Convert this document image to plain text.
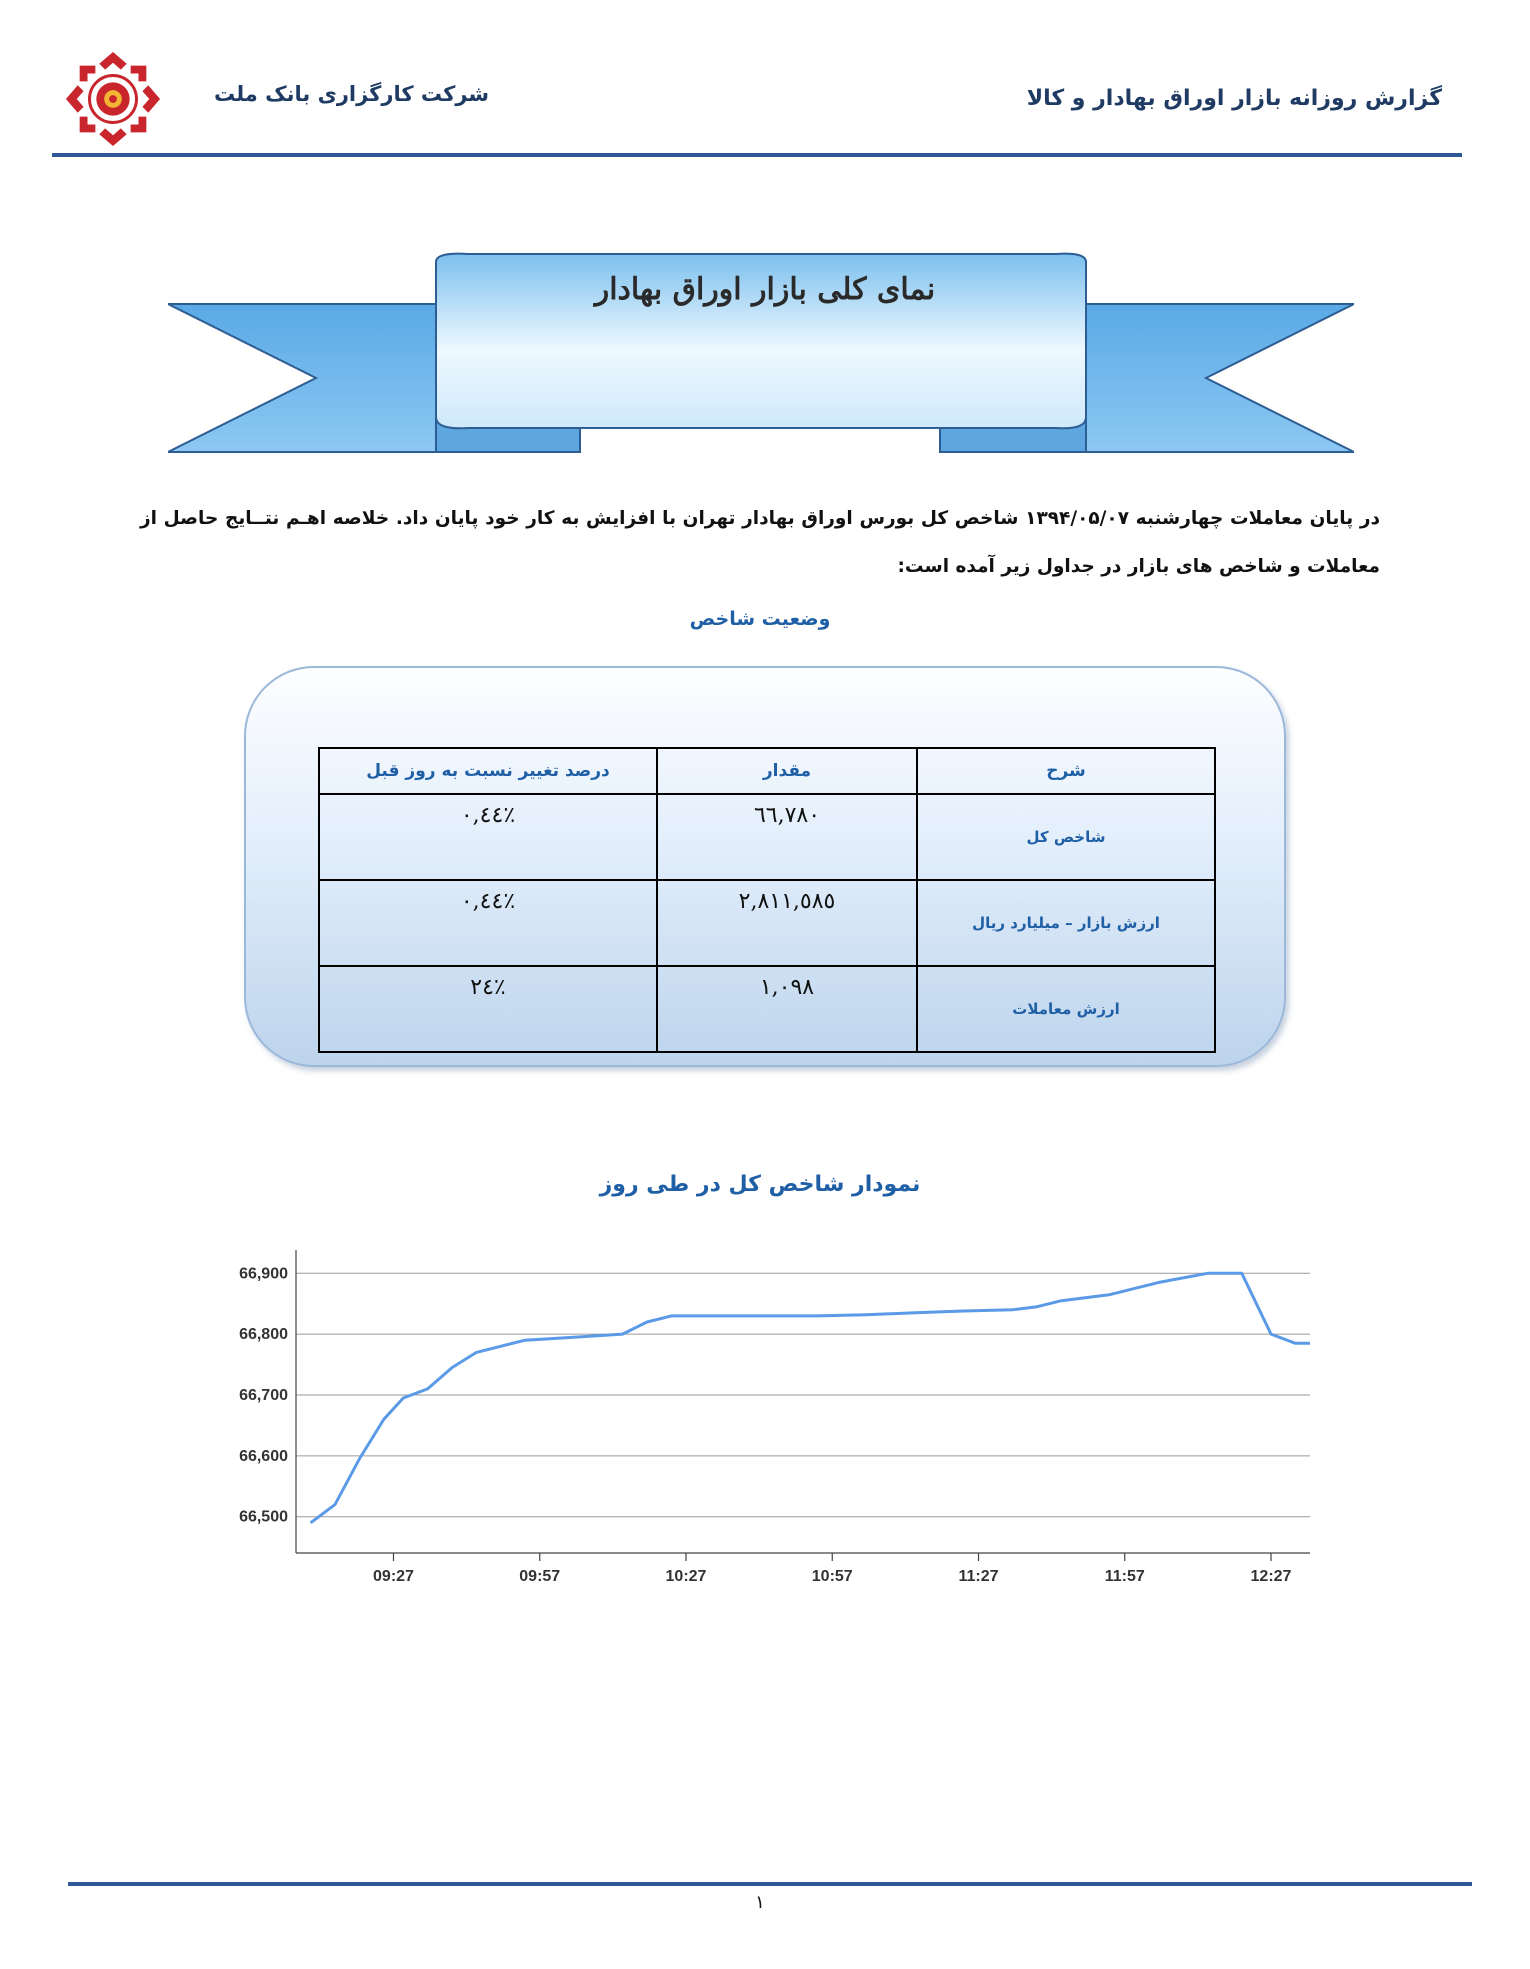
شرکت کارگزاری بانک ملت	گزارش روزانه بازار اوراق بهادار و کالا
نمای کلی بازار اوراق بهادار
در پایان معاملات چهارشنبه ۱۳۹۴/۰۵/۰۷ شاخص کل بورس اوراق بهادار تهران با افزایش به کار خود پایان داد. خلاصه اهـم نتــایج حاصل از معاملات و شاخص های بازار در جداول زیر آمده است:
وضعیت شاخص
شرح	مقدار	درصد تغییر نسبت به روز قبل
شاخص کل	٦٦,٧٨٠	٪٠,٤٤
ارزش بازار – میلیارد ریال	٢,٨١١,٥٨٥	٪٠,٤٤
ارزش معاملات	١,٠٩٨	٪٢٤
نمودار شاخص کل در طی روز
66,500
66,600
66,700
66,800
66,900
09:27	09:57	10:27	10:57	11:27	11:57	12:27
۱
